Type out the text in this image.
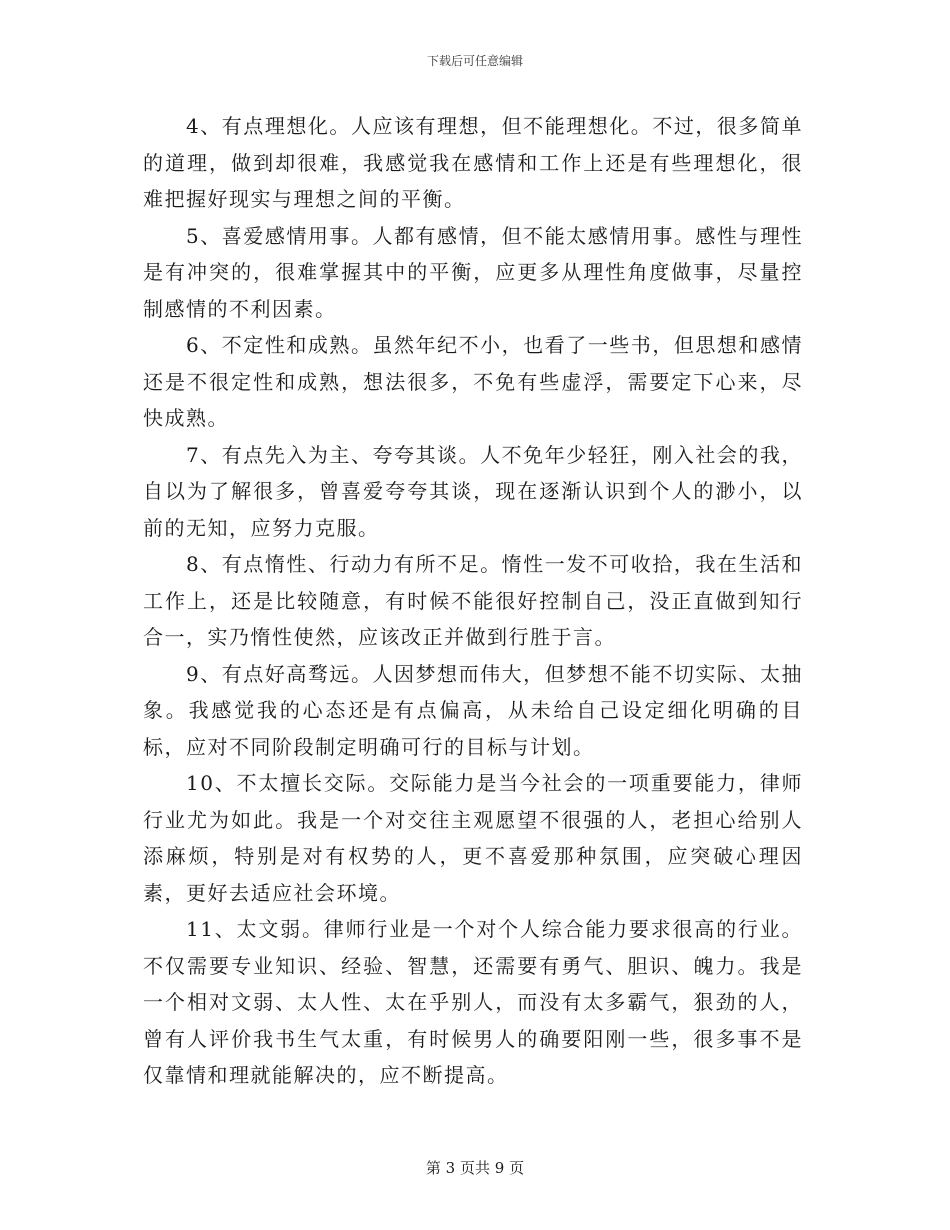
下载后可任意编辑

4、有点理想化。人应该有理想，但不能理想化。不过，很多简单的道理，做到却很难，我感觉我在感情和工作上还是有些理想化，很难把握好现实与理想之间的平衡。

5、喜爱感情用事。人都有感情，但不能太感情用事。感性与理性是有冲突的，很难掌握其中的平衡，应更多从理性角度做事，尽量控制感情的不利因素。

6、不定性和成熟。虽然年纪不小，也看了一些书，但思想和感情还是不很定性和成熟，想法很多，不免有些虚浮，需要定下心来，尽快成熟。

7、有点先入为主、夸夸其谈。人不免年少轻狂，刚入社会的我，自以为了解很多，曾喜爱夸夸其谈，现在逐渐认识到个人的渺小，以前的无知，应努力克服。

8、有点惰性、行动力有所不足。惰性一发不可收拾，我在生活和工作上，还是比较随意，有时候不能很好控制自己，没正直做到知行合一，实乃惰性使然，应该改正并做到行胜于言。

9、有点好高骛远。人因梦想而伟大，但梦想不能不切实际、太抽象。我感觉我的心态还是有点偏高，从未给自己设定细化明确的目标，应对不同阶段制定明确可行的目标与计划。

10、不太擅长交际。交际能力是当今社会的一项重要能力，律师行业尤为如此。我是一个对交往主观愿望不很强的人，老担心给别人添麻烦，特别是对有权势的人，更不喜爱那种氛围，应突破心理因素，更好去适应社会环境。

11、太文弱。律师行业是一个对个人综合能力要求很高的行业。不仅需要专业知识、经验、智慧，还需要有勇气、胆识、魄力。我是一个相对文弱、太人性、太在乎别人，而没有太多霸气，狠劲的人，曾有人评价我书生气太重，有时候男人的确要阳刚一些，很多事不是仅靠情和理就能解决的，应不断提高。

第 3 页共 9 页
